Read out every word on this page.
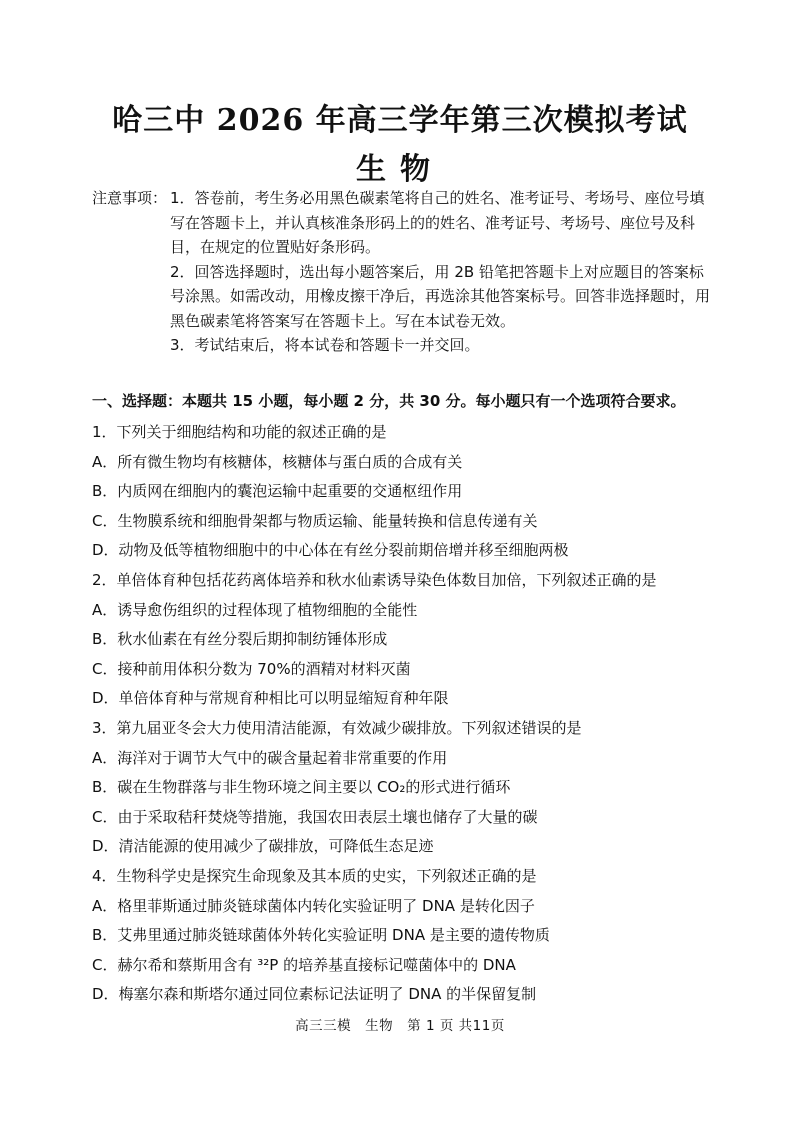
哈三中 2026 年高三学年第三次模拟考试
生物
注意事项： 1．答卷前，考生务必用黑色碳素笔将自己的姓名、准考证号、考场号、座位号填写在答题卡上，并认真核准条形码上的的姓名、准考证号、考场号、座位号及科目，在规定的位置贴好条形码。
2．回答选择题时，选出每小题答案后，用 2B 铅笔把答题卡上对应题目的答案标号涂黑。如需改动，用橡皮擦干净后，再选涂其他答案标号。回答非选择题时，用黑色碳素笔将答案写在答题卡上。写在本试卷无效。
3．考试结束后，将本试卷和答题卡一并交回。
一、选择题：本题共 15 小题，每小题 2 分，共 30 分。每小题只有一个选项符合要求。
1．下列关于细胞结构和功能的叙述正确的是
A．所有微生物均有核糖体，核糖体与蛋白质的合成有关
B．内质网在细胞内的囊泡运输中起重要的交通枢纽作用
C．生物膜系统和细胞骨架都与物质运输、能量转换和信息传递有关
D．动物及低等植物细胞中的中心体在有丝分裂前期倍增并移至细胞两极
2．单倍体育种包括花药离体培养和秋水仙素诱导染色体数目加倍，下列叙述正确的是
A．诱导愈伤组织的过程体现了植物细胞的全能性
B．秋水仙素在有丝分裂后期抑制纺锤体形成
C．接种前用体积分数为 70%的酒精对材料灭菌
D．单倍体育种与常规育种相比可以明显缩短育种年限
3．第九届亚冬会大力使用清洁能源，有效减少碳排放。下列叙述错误的是
A．海洋对于调节大气中的碳含量起着非常重要的作用
B．碳在生物群落与非生物环境之间主要以 CO₂的形式进行循环
C．由于采取秸秆焚烧等措施，我国农田表层土壤也储存了大量的碳
D．清洁能源的使用减少了碳排放，可降低生态足迹
4．生物科学史是探究生命现象及其本质的史实，下列叙述正确的是
A．格里菲斯通过肺炎链球菌体内转化实验证明了 DNA 是转化因子
B．艾弗里通过肺炎链球菌体外转化实验证明 DNA 是主要的遗传物质
C．赫尔希和蔡斯用含有 ³²P 的培养基直接标记噬菌体中的 DNA
D．梅塞尔森和斯塔尔通过同位素标记法证明了 DNA 的半保留复制
高三三模　生物　第 1 页 共11页
